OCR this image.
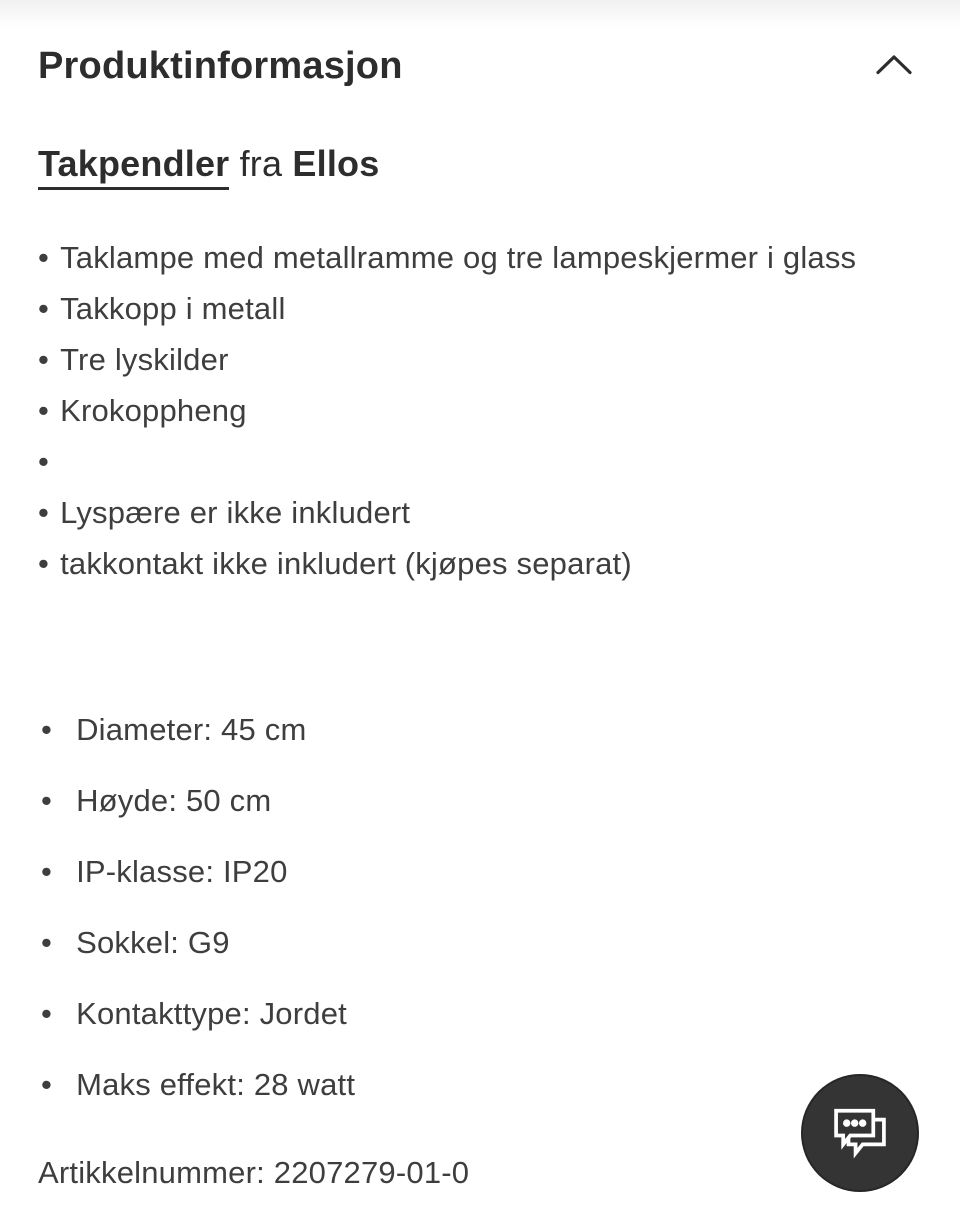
Produktinformasjon
Takpendler fra Ellos
• Taklampe med metallramme og tre lampeskjermer i glass
• Takkopp i metall
• Tre lyskilder
• Krokoppheng
•
• Lyspære er ikke inkludert
• takkontakt ikke inkludert (kjøpes separat)
• Diameter: 45 cm
• Høyde: 50 cm
• IP-klasse: IP20
• Sokkel: G9
• Kontakttype: Jordet
• Maks effekt: 28 watt
Artikkelnummer: 2207279-01-0
